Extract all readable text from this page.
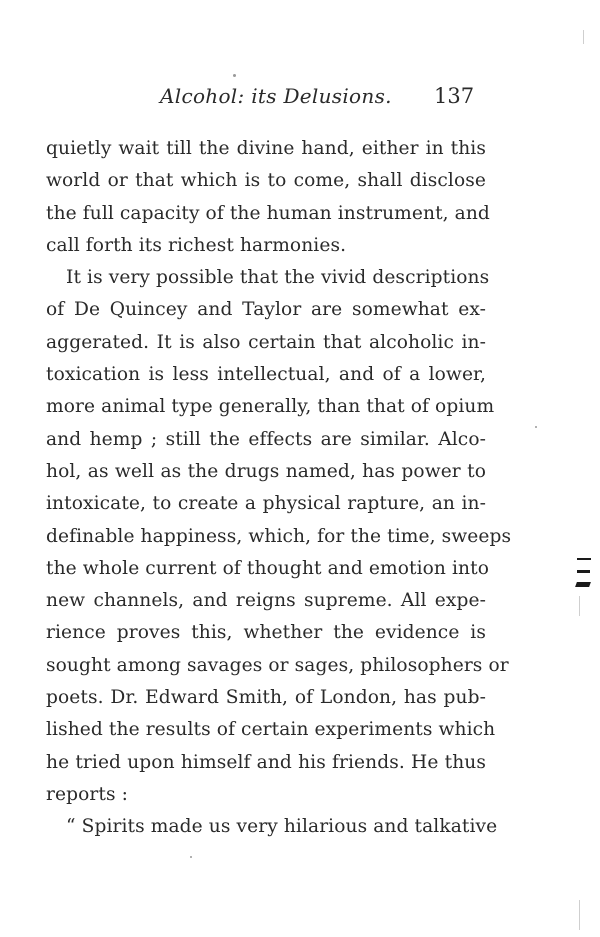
Alcohol: its Delusions. 137
quietly wait till the divine hand, either in this
world or that which is to come, shall disclose
the full capacity of the human instrument, and
call forth its richest harmonies.
It is very possible that the vivid descriptions
of De Quincey and Taylor are somewhat ex-
aggerated. It is also certain that alcoholic in-
toxication is less intellectual, and of a lower,
more animal type generally, than that of opium
and hemp ; still the effects are similar. Alco-
hol, as well as the drugs named, has power to
intoxicate, to create a physical rapture, an in-
definable happiness, which, for the time, sweeps
the whole current of thought and emotion into
new channels, and reigns supreme. All expe-
rience proves this, whether the evidence is
sought among savages or sages, philosophers or
poets. Dr. Edward Smith, of London, has pub-
lished the results of certain experiments which
he tried upon himself and his friends. He thus
reports :
“ Spirits made us very hilarious and talkative
